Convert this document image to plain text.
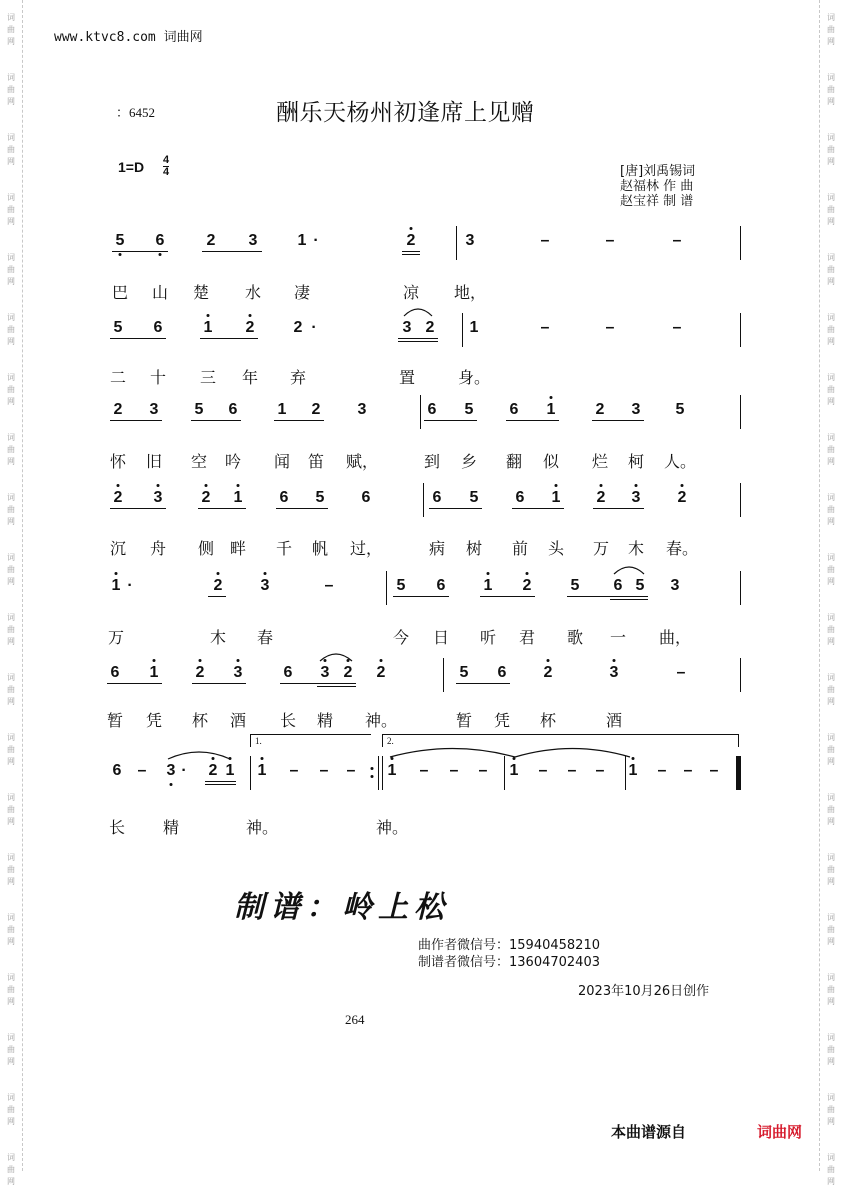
词
曲
网
词
曲
网
词
曲
网
词
曲
网
词
曲
网
词
曲
网
词
曲
网
词
曲
网
词
曲
网
词
曲
网
词
曲
网
词
曲
网
词
曲
网
词
曲
网
词
曲
网
词
曲
网
词
曲
网
词
曲
网
词
曲
网
词
曲
网
词
曲
网
词
曲
网
词
曲
网
词
曲
网
词
曲
网
词
曲
网
词
曲
网
词
曲
网
词
曲
网
词
曲
网
词
曲
网
词
曲
网
词
曲
网
词
曲
网
词
曲
网
词
曲
网
词
曲
网
词
曲
网
词
曲
网
词
曲
网
www.ktvc8.com 词曲网
：6452	酬乐天杨州初逢席上见赠
1=D 4
4	[唐]刘禹锡词
赵福林 作 曲
赵宝祥 制 谱
5 6	2 3	1 ·	2	3	–	–	–
巴 山 楚 水 凄	凉 地，
5 6	1 2 2 ·	3 2 1	–	–	–
二 十 三 年 弃	置	身。
2 3 5 6	1 2 3	6 5 6 1	2 3 5
怀 旧 空 吟 闻 笛 赋，	到 乡 翻 似 烂 柯 人。
2 3 2 1 6 5 6	6 5 6 1 2 3 2
沉 舟 侧 畔 千 帆 过，	病 树 前 头 万 木 春。
1 ·	2 3	–	5 6 1 2 5 6 5 3
万	木 春	今 日 听 君 歌 一 曲，
6 1 2 3	6 3 2 2	5 6 2	3	–
暂 凭 杯 酒 长 精 神。	暂 凭 杯	酒
6 – 3 · 2 1 1 – – – 1 – – – 1 – – – 1 – – –
长 精	神。	神。
1.	2.
制谱：岭上松
曲作者微信号：15940458210
制谱者微信号：13604702403
2023年10月26日创作
264
本曲谱源自	词曲网
